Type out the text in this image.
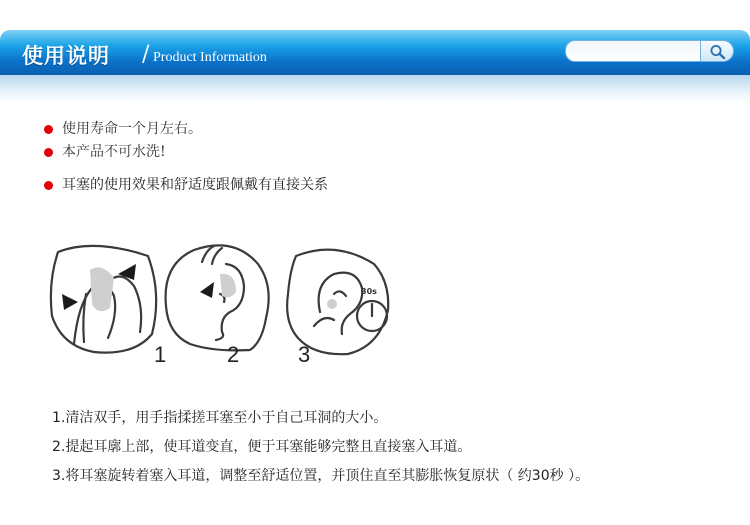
使用说明 / Product Information
使用寿命一个月左右。
本产品不可水洗!
耳塞的使用效果和舒适度跟佩戴有直接关系
30s
1	2	3
1.清洁双手，用手指揉搓耳塞至小于自己耳洞的大小。
2.提起耳廓上部，使耳道变直，便于耳塞能够完整且直接塞入耳道。
3.将耳塞旋转着塞入耳道，调整至舒适位置，并顶住直至其膨胀恢复原状（ 约30秒 ）。
